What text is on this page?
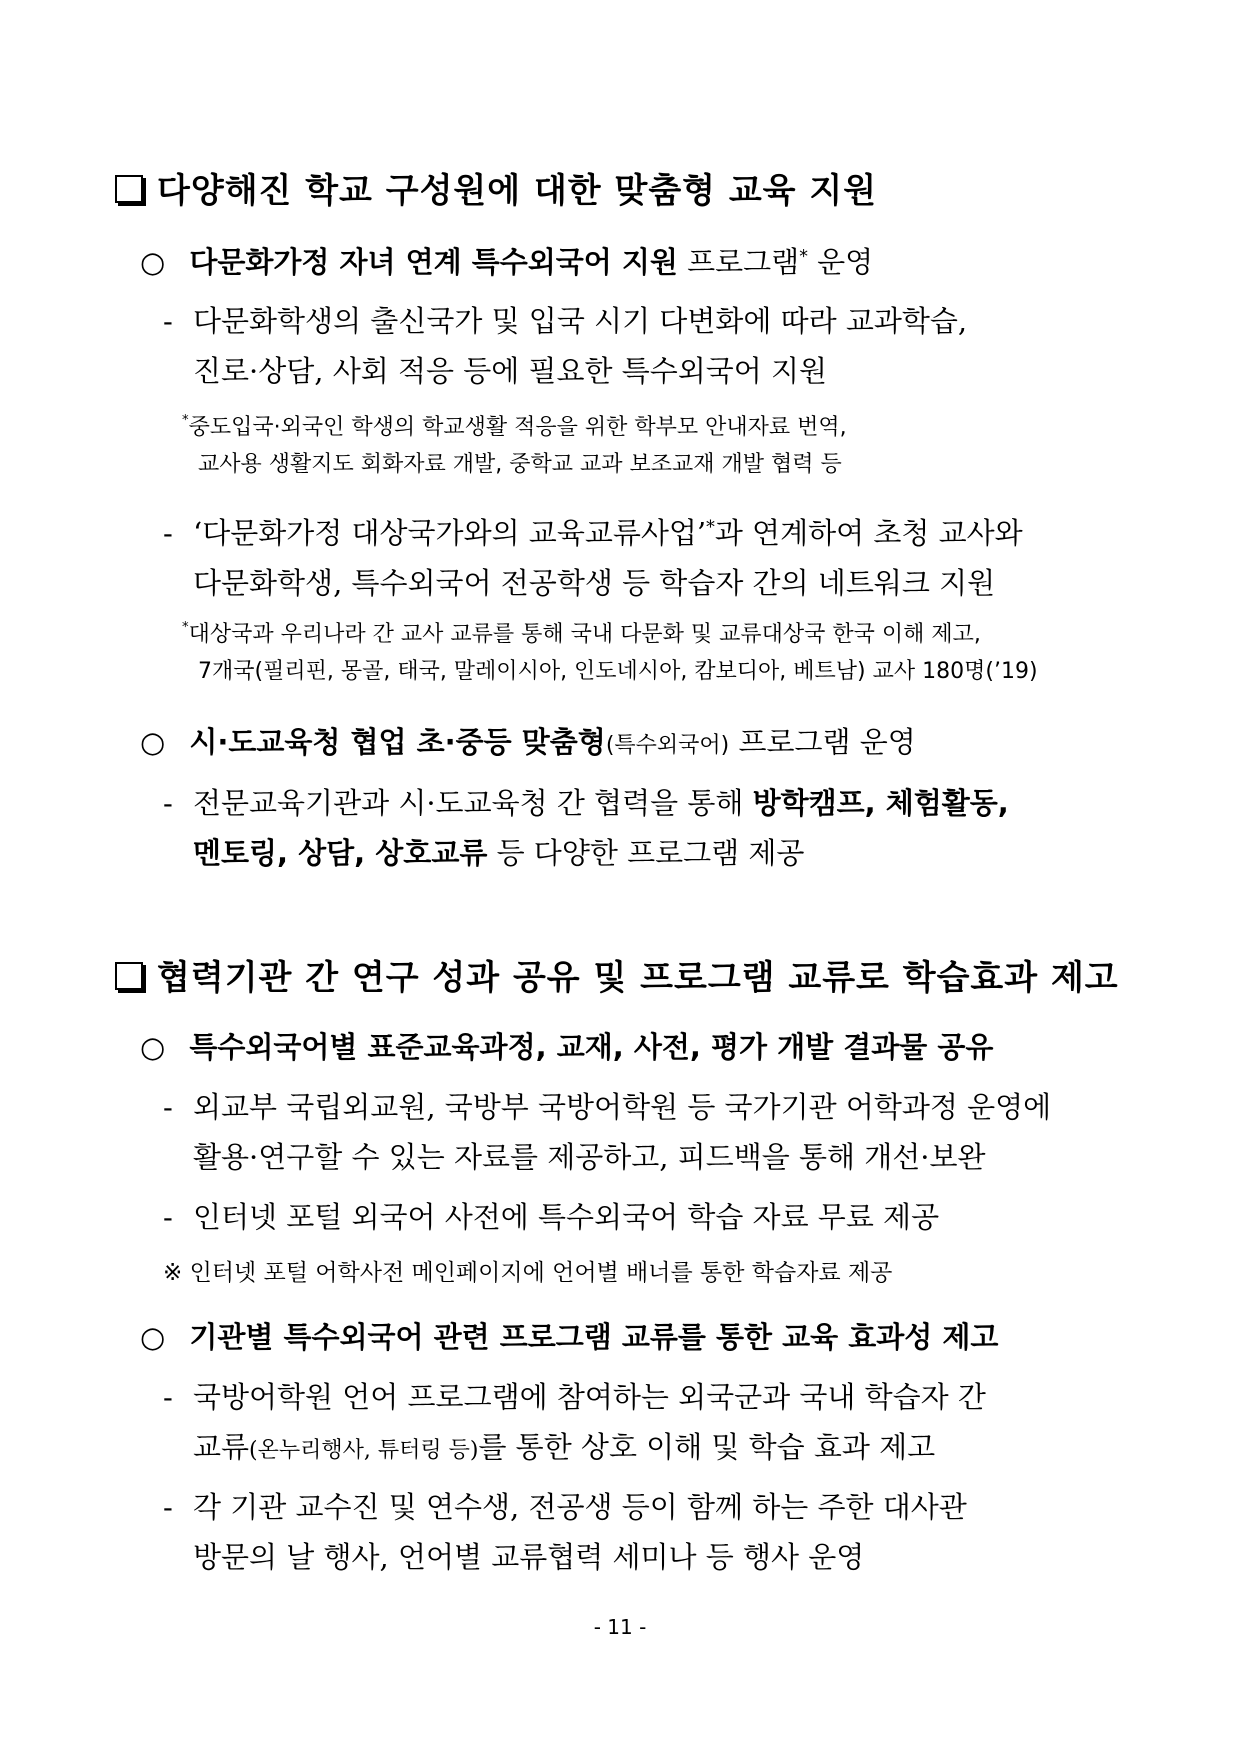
다양해진 학교 구성원에 대한 맞춤형 교육 지원
○ 다문화가정 자녀 연계 특수외국어 지원 프로그램* 운영
- 다문화학생의 출신국가 및 입국 시기 다변화에 따라 교과학습,
진로·상담, 사회 적응 등에 필요한 특수외국어 지원
*중도입국·외국인 학생의 학교생활 적응을 위한 학부모 안내자료 번역,
교사용 생활지도 회화자료 개발, 중학교 교과 보조교재 개발 협력 등
- ‘다문화가정 대상국가와의 교육교류사업’*과 연계하여 초청 교사와
다문화학생, 특수외국어 전공학생 등 학습자 간의 네트워크 지원
*대상국과 우리나라 간 교사 교류를 통해 국내 다문화 및 교류대상국 한국 이해 제고,
7개국(필리핀, 몽골, 태국, 말레이시아, 인도네시아, 캄보디아, 베트남) 교사 180명(’19)
○ 시·도교육청 협업 초·중등 맞춤형(특수외국어) 프로그램 운영
- 전문교육기관과 시·도교육청 간 협력을 통해 방학캠프, 체험활동,
멘토링, 상담, 상호교류 등 다양한 프로그램 제공
협력기관 간 연구 성과 공유 및 프로그램 교류로 학습효과 제고
○ 특수외국어별 표준교육과정, 교재, 사전, 평가 개발 결과물 공유
- 외교부 국립외교원, 국방부 국방어학원 등 국가기관 어학과정 운영에
활용·연구할 수 있는 자료를 제공하고, 피드백을 통해 개선·보완
- 인터넷 포털 외국어 사전에 특수외국어 학습 자료 무료 제공
※ 인터넷 포털 어학사전 메인페이지에 언어별 배너를 통한 학습자료 제공
○ 기관별 특수외국어 관련 프로그램 교류를 통한 교육 효과성 제고
- 국방어학원 언어 프로그램에 참여하는 외국군과 국내 학습자 간
교류(온누리행사, 튜터링 등)를 통한 상호 이해 및 학습 효과 제고
- 각 기관 교수진 및 연수생, 전공생 등이 함께 하는 주한 대사관
방문의 날 행사, 언어별 교류협력 세미나 등 행사 운영
- 11 -
